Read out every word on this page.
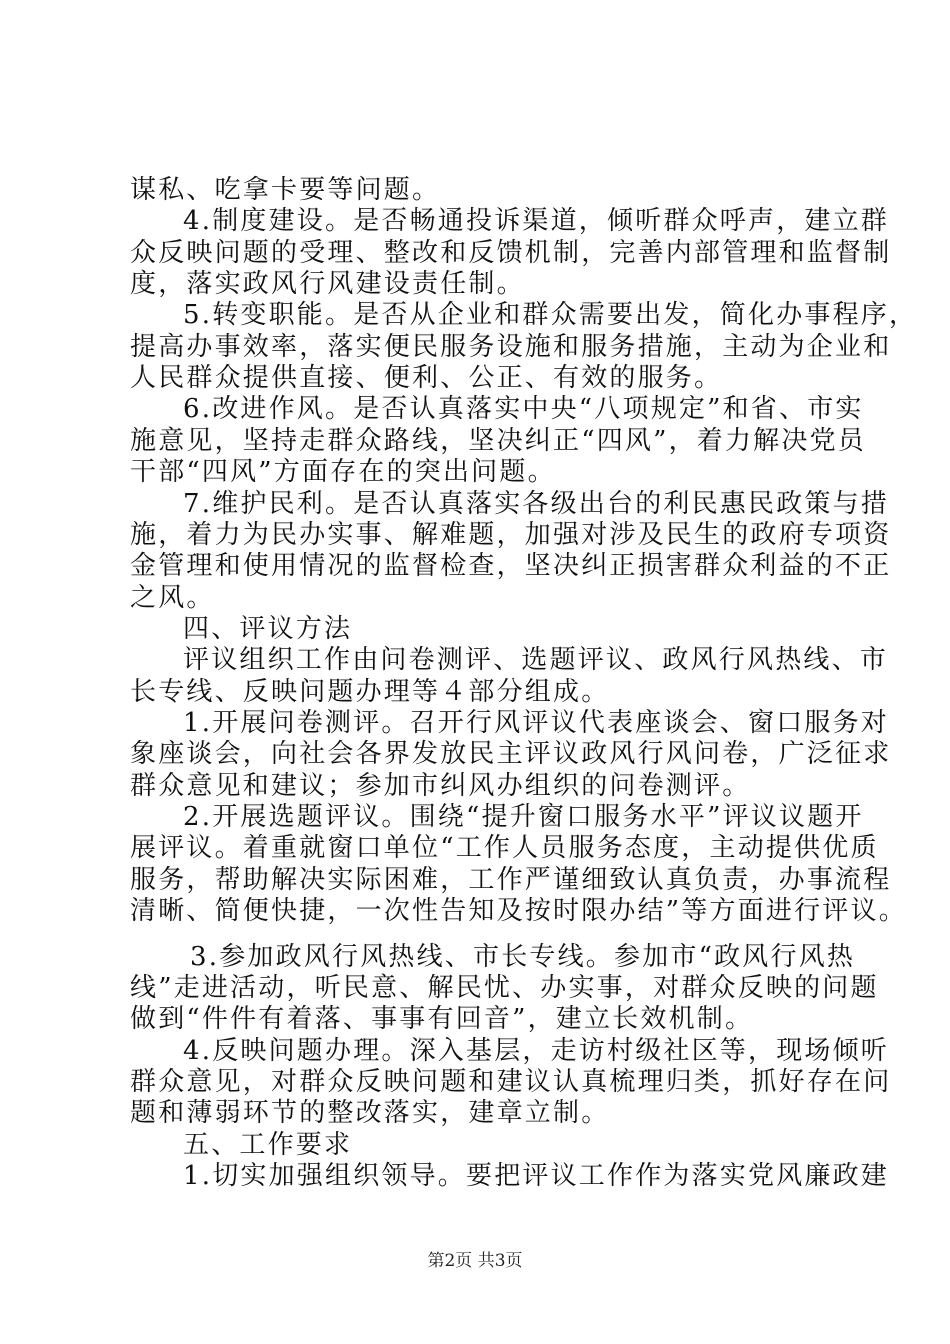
谋私、吃拿卡要等问题。
4.制度建设。是否畅通投诉渠道，倾听群众呼声，建立群
众反映问题的受理、整改和反馈机制，完善内部管理和监督制
度，落实政风行风建设责任制。
5.转变职能。是否从企业和群众需要出发，简化办事程序，
提高办事效率，落实便民服务设施和服务措施，主动为企业和
人民群众提供直接、便利、公正、有效的服务。
6.改进作风。是否认真落实中央“八项规定”和省、市实
施意见，坚持走群众路线，坚决纠正“四风”，着力解决党员
干部“四风”方面存在的突出问题。
7.维护民利。是否认真落实各级出台的利民惠民政策与措
施，着力为民办实事、解难题，加强对涉及民生的政府专项资
金管理和使用情况的监督检查，坚决纠正损害群众利益的不正
之风。
四、评议方法
评议组织工作由问卷测评、选题评议、政风行风热线、市
长专线、反映问题办理等４部分组成。
1.开展问卷测评。召开行风评议代表座谈会、窗口服务对
象座谈会，向社会各界发放民主评议政风行风问卷，广泛征求
群众意见和建议；参加市纠风办组织的问卷测评。
2.开展选题评议。围绕“提升窗口服务水平”评议议题开
展评议。着重就窗口单位“工作人员服务态度，主动提供优质
服务，帮助解决实际困难，工作严谨细致认真负责，办事流程
清晰、简便快捷，一次性告知及按时限办结”等方面进行评议。
3.参加政风行风热线、市长专线。参加市“政风行风热
线”走进活动，听民意、解民忧、办实事，对群众反映的问题
做到“件件有着落、事事有回音”，建立长效机制。
4.反映问题办理。深入基层，走访村级社区等，现场倾听
群众意见，对群众反映问题和建议认真梳理归类，抓好存在问
题和薄弱环节的整改落实，建章立制。
五、工作要求
1.切实加强组织领导。要把评议工作作为落实党风廉政建
第2页 共3页
